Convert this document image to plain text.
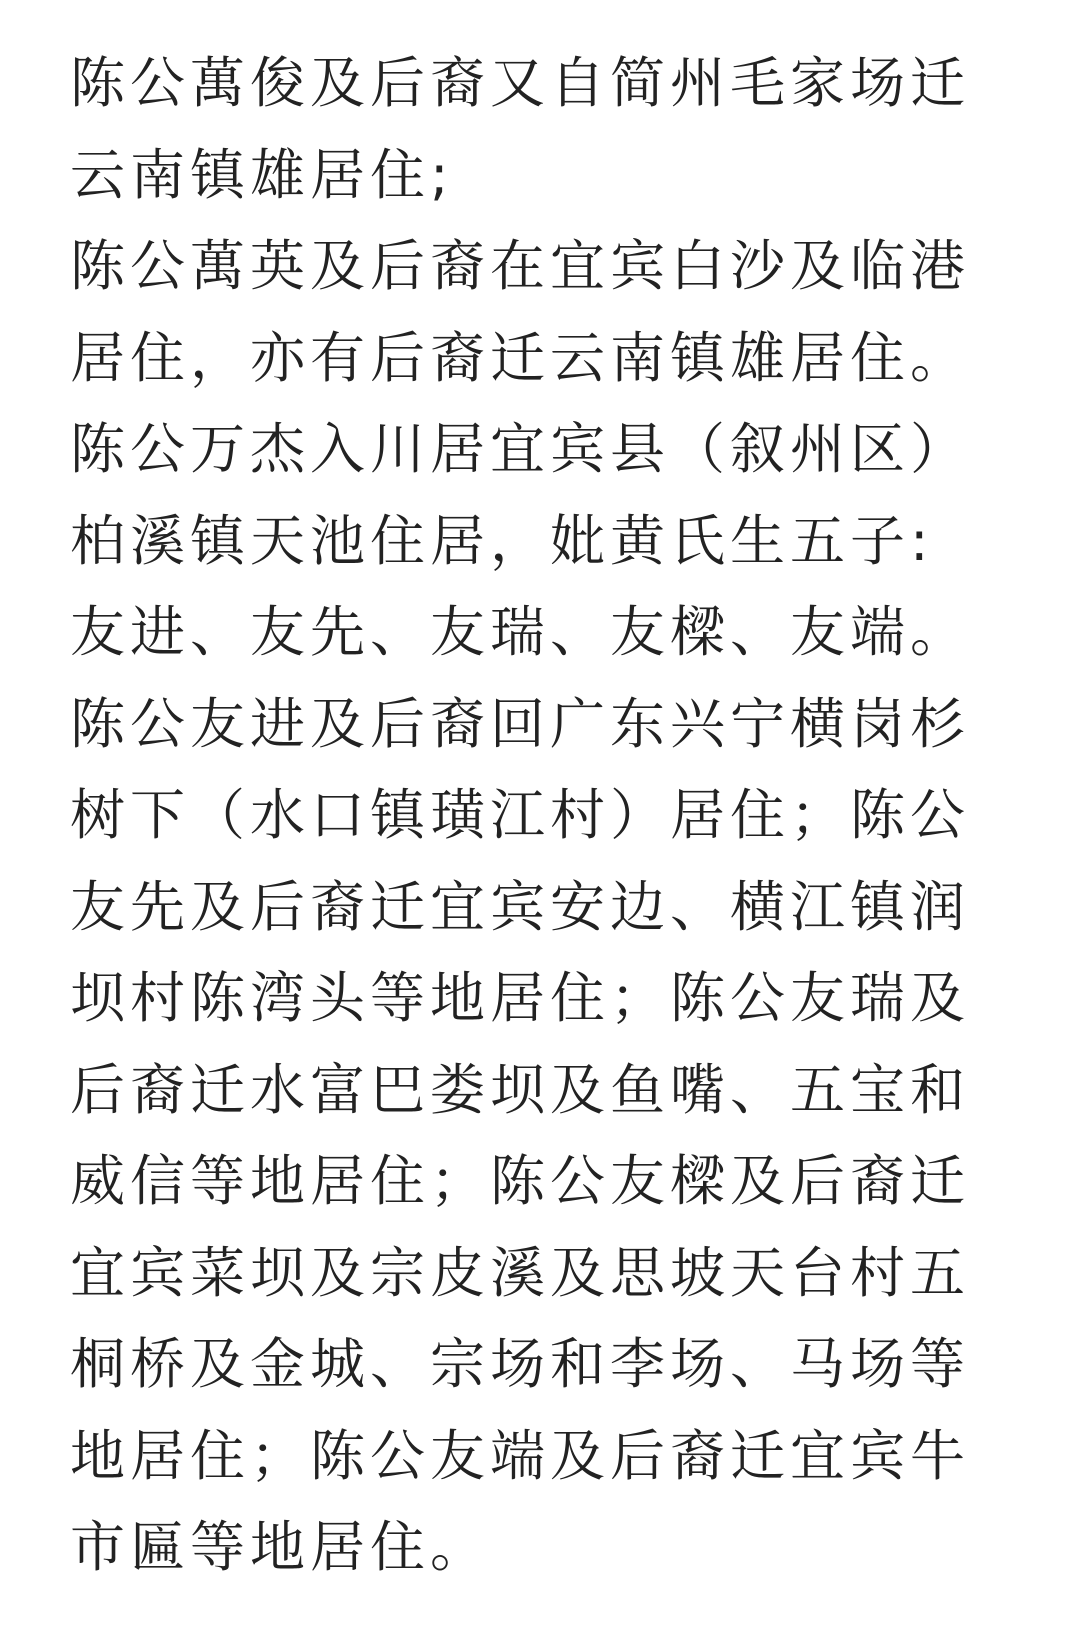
陈公萬俊及后裔又自简州毛家场迁
云南镇雄居住;
陈公萬英及后裔在宜宾白沙及临港
居住，亦有后裔迁云南镇雄居住。
陈公万杰入川居宜宾县（叙州区）
柏溪镇天池住居，妣黄氏生五子:
友进、友先、友瑞、友樑、友端。
陈公友进及后裔回广东兴宁横岗杉
树下（水口镇璜江村）居住；陈公
友先及后裔迁宜宾安边、横江镇润
坝村陈湾头等地居住；陈公友瑞及
后裔迁水富巴娄坝及鱼嘴、五宝和
威信等地居住；陈公友樑及后裔迁
宜宾菜坝及宗皮溪及思坡天台村五
桐桥及金城、宗场和李场、马场等
地居住；陈公友端及后裔迁宜宾牛
市匾等地居住。
